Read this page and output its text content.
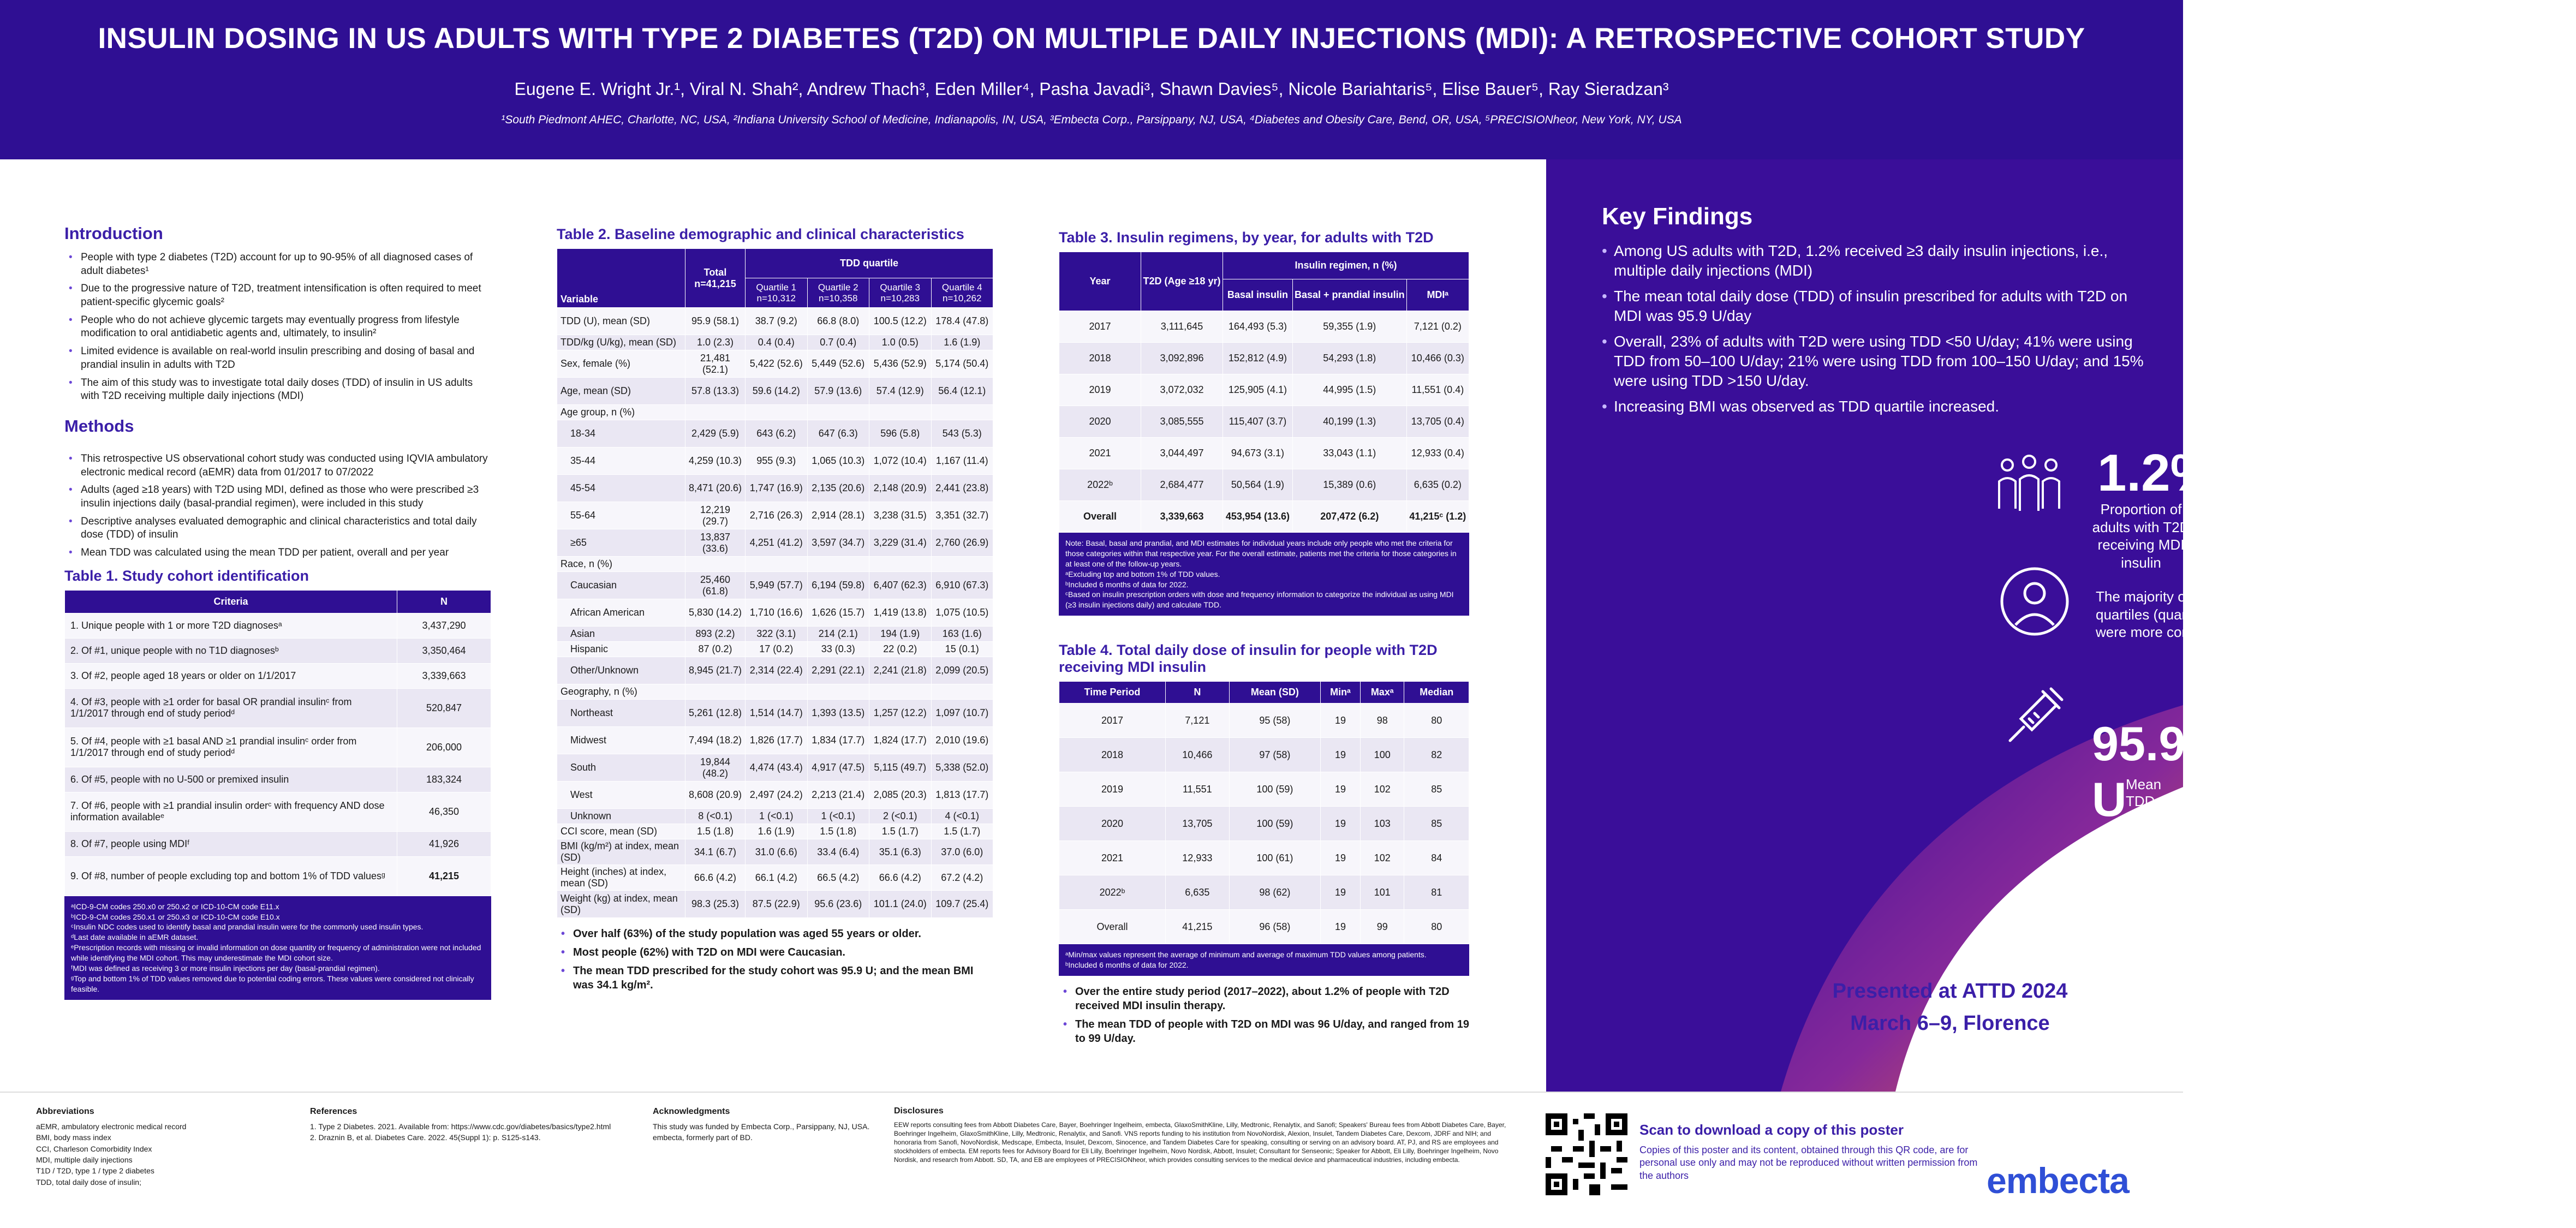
INSULIN DOSING IN US ADULTS WITH TYPE 2 DIABETES (T2D) ON MULTIPLE DAILY INJECTIONS (MDI): A RETROSPECTIVE COHORT STUDY
Eugene E. Wright Jr.¹, Viral N. Shah², Andrew Thach³, Eden Miller⁴, Pasha Javadi³, Shawn Davies⁵, Nicole Bariahtaris⁵, Elise Bauer⁵, Ray Sieradzan³
¹South Piedmont AHEC, Charlotte, NC, USA, ²Indiana University School of Medicine, Indianapolis, IN, USA, ³Embecta Corp., Parsippany, NJ, USA, ⁴Diabetes and Obesity Care, Bend, OR, USA, ⁵PRECISIONheor, New York, NY, USA
Introduction
• People with type 2 diabetes (T2D) account for up to 90-95% of all diagnosed cases of adult diabetes¹
• Due to the progressive nature of T2D, treatment intensification is often required to meet patient-specific glycemic goals²
• People who do not achieve glycemic targets may eventually progress from lifestyle modification to oral antidiabetic agents and, ultimately, to insulin²
• Limited evidence is available on real-world insulin prescribing and dosing of basal and prandial insulin in adults with T2D
• The aim of this study was to investigate total daily doses (TDD) of insulin in US adults with T2D receiving multiple daily injections (MDI)
Methods
• This retrospective US observational cohort study was conducted using IQVIA ambulatory electronic medical record (aEMR) data from 01/2017 to 07/2022
• Adults (aged ≥18 years) with T2D using MDI, defined as those who were prescribed ≥3 insulin injections daily (basal-prandial regimen), were included in this study
• Descriptive analyses evaluated demographic and clinical characteristics and total daily dose (TDD) of insulin
• Mean TDD was calculated using the mean TDD per patient, overall and per year
Table 1. Study cohort identification
Criteria	N
1. Unique people with 1 or more T2D diagnosesᵃ	3,437,290
2. Of #1, unique people with no T1D diagnosesᵇ	3,350,464
3. Of #2, people aged 18 years or older on 1/1/2017	3,339,663
4. Of #3, people with ≥1 order for basal OR prandial insulinᶜ from 1/1/2017 through end of study periodᵈ	520,847
5. Of #4, people with ≥1 basal AND ≥1 prandial insulinᶜ order from 1/1/2017 through end of study periodᵈ	206,000
6. Of #5, people with no U-500 or premixed insulin	183,324
7. Of #6, people with ≥1 prandial insulin orderᶜ with frequency AND dose information availableᵉ	46,350
8. Of #7, people using MDIᶠ	41,926
9. Of #8, number of people excluding top and bottom 1% of TDD valuesᵍ	41,215
ᵃICD-9-CM codes 250.x0 or 250.x2 or ICD-10-CM code E11.x
ᵇICD-9-CM codes 250.x1 or 250.x3 or ICD-10-CM code E10.x
ᶜInsulin NDC codes used to identify basal and prandial insulin were for the commonly used insulin types.
ᵈLast date available in aEMR dataset.
ᵉPrescription records with missing or invalid information on dose quantity or frequency of administration were not included while identifying the MDI cohort. This may underestimate the MDI cohort size.
ᶠMDI was defined as receiving 3 or more insulin injections per day (basal-prandial regimen).
ᵍTop and bottom 1% of TDD values removed due to potential coding errors. These values were considered not clinically feasible.
Table 2. Baseline demographic and clinical characteristics
Variable	Total n=41,215	TDD quartile			
		Quartile 1 n=10,312	Quartile 2 n=10,358	Quartile 3 n=10,283	Quartile 4 n=10,262
TDD (U), mean (SD)	95.9 (58.1)	38.7 (9.2)	66.8 (8.0)	100.5 (12.2)	178.4 (47.8)
TDD/kg (U/kg), mean (SD)	1.0 (2.3)	0.4 (0.4)	0.7 (0.4)	1.0 (0.5)	1.6 (1.9)
Sex, female (%)	21,481 (52.1)	5,422 (52.6)	5,449 (52.6)	5,436 (52.9)	5,174 (50.4)
Age, mean (SD)	57.8 (13.3)	59.6 (14.2)	57.9 (13.6)	57.4 (12.9)	56.4 (12.1)
Age group, n (%)					
18-34	2,429 (5.9)	643 (6.2)	647 (6.3)	596 (5.8)	543 (5.3)
35-44	4,259 (10.3)	955 (9.3)	1,065 (10.3)	1,072 (10.4)	1,167 (11.4)
45-54	8,471 (20.6)	1,747 (16.9)	2,135 (20.6)	2,148 (20.9)	2,441 (23.8)
55-64	12,219 (29.7)	2,716 (26.3)	2,914 (28.1)	3,238 (31.5)	3,351 (32.7)
≥65	13,837 (33.6)	4,251 (41.2)	3,597 (34.7)	3,229 (31.4)	2,760 (26.9)
Race, n (%)					
Caucasian	25,460 (61.8)	5,949 (57.7)	6,194 (59.8)	6,407 (62.3)	6,910 (67.3)
African American	5,830 (14.2)	1,710 (16.6)	1,626 (15.7)	1,419 (13.8)	1,075 (10.5)
Asian	893 (2.2)	322 (3.1)	214 (2.1)	194 (1.9)	163 (1.6)
Hispanic	87 (0.2)	17 (0.2)	33 (0.3)	22 (0.2)	15 (0.1)
Other/Unknown	8,945 (21.7)	2,314 (22.4)	2,291 (22.1)	2,241 (21.8)	2,099 (20.5)
Geography, n (%)					
Northeast	5,261 (12.8)	1,514 (14.7)	1,393 (13.5)	1,257 (12.2)	1,097 (10.7)
Midwest	7,494 (18.2)	1,826 (17.7)	1,834 (17.7)	1,824 (17.7)	2,010 (19.6)
South	19,844 (48.2)	4,474 (43.4)	4,917 (47.5)	5,115 (49.7)	5,338 (52.0)
West	8,608 (20.9)	2,497 (24.2)	2,213 (21.4)	2,085 (20.3)	1,813 (17.7)
Unknown	8 (<0.1)	1 (<0.1)	1 (<0.1)	2 (<0.1)	4 (<0.1)
CCI score, mean (SD)	1.5 (1.8)	1.6 (1.9)	1.5 (1.8)	1.5 (1.7)	1.5 (1.7)
BMI (kg/m²) at index, mean (SD)	34.1 (6.7)	31.0 (6.6)	33.4 (6.4)	35.1 (6.3)	37.0 (6.0)
Height (inches) at index, mean (SD)	66.6 (4.2)	66.1 (4.2)	66.5 (4.2)	66.6 (4.2)	67.2 (4.2)
Weight (kg) at index, mean (SD)	98.3 (25.3)	87.5 (22.9)	95.6 (23.6)	101.1 (24.0)	109.7 (25.4)
• Over half (63%) of the study population was aged 55 years or older.
• Most people (62%) with T2D on MDI were Caucasian.
• The mean TDD prescribed for the study cohort was 95.9 U; and the mean BMI was 34.1 kg/m².
Table 3. Insulin regimens, by year, for adults with T2D
Year	T2D (Age ≥18 yr)	Insulin regimen, n (%)		
		Basal insulin	Basal + prandial insulin	MDIᵃ
2017	3,111,645	164,493 (5.3)	59,355 (1.9)	7,121 (0.2)
2018	3,092,896	152,812 (4.9)	54,293 (1.8)	10,466 (0.3)
2019	3,072,032	125,905 (4.1)	44,995 (1.5)	11,551 (0.4)
2020	3,085,555	115,407 (3.7)	40,199 (1.3)	13,705 (0.4)
2021	3,044,497	94,673 (3.1)	33,043 (1.1)	12,933 (0.4)
2022ᵇ	2,684,477	50,564 (1.9)	15,389 (0.6)	6,635 (0.2)
Overall	3,339,663	453,954 (13.6)	207,472 (6.2)	41,215ᶜ (1.2)
Note: Basal, basal and prandial, and MDI estimates for individual years include only people who met the criteria for those categories within that respective year. For the overall estimate, patients met the criteria for those categories in at least one of the follow-up years.
ᵃExcluding top and bottom 1% of TDD values.
ᵇIncluded 6 months of data for 2022.
ᶜBased on insulin prescription orders with dose and frequency information to categorize the individual as using MDI (≥3 insulin injections daily) and calculate TDD.
Table 4. Total daily dose of insulin for people with T2D receiving MDI insulin
Time Period	N	Mean (SD)	Minᵃ	Maxᵃ	Median
2017	7,121	95 (58)	19	98	80
2018	10,466	97 (58)	19	100	82
2019	11,551	100 (59)	19	102	85
2020	13,705	100 (59)	19	103	85
2021	12,933	100 (61)	19	102	84
2022ᵇ	6,635	98 (62)	19	101	81
Overall	41,215	96 (58)	19	99	80
ᵃMin/max values represent the average of minimum and average of maximum TDD values among patients.
ᵇIncluded 6 months of data for 2022.
• Over the entire study period (2017–2022), about 1.2% of people with T2D received MDI insulin therapy.
• The mean TDD of people with T2D on MDI was 96 U/day, and ranged from 19 to 99 U/day.
Key Findings
• Among US adults with T2D, 1.2% received ≥3 daily insulin injections, i.e., multiple daily injections (MDI)
• The mean total daily dose (TDD) of insulin prescribed for adults with T2D on MDI was 95.9 U/day
• Overall, 23% of adults with T2D were using TDD <50 U/day; 41% were using TDD from 50–100 U/day; 21% were using TDD from 100–150 U/day; and 15% were using TDD >150 U/day.
• Increasing BMI was observed as TDD quartile increased.
1.2%
Proportion of adults with T2D receiving MDI insulin
The majority of African American and Asian individuals were in lower TDD quartiles (quartiles 1 and 2), compared with Caucasian individuals, who were more concentrated in higher TDD quartiles (quartiles 3 and 4)
95.9 U
Mean TDD
Mean (SD) TDD was 95.9 (±58.1) U and ranged from 94.6 to 100.0 U across individual years
Presented at ATTD 2024
March 6–9, Florence
Abbreviations
aEMR, ambulatory electronic medical record
BMI, body mass index
CCI, Charleson Comorbidity Index
MDI, multiple daily injections
T1D / T2D, type 1 / type 2 diabetes
TDD, total daily dose of insulin;
References
1. Type 2 Diabetes. 2021. Available from: https://www.cdc.gov/diabetes/basics/type2.html
2. Draznin B, et al. Diabetes Care. 2022. 45(Suppl 1): p. S125-s143.
Acknowledgments
This study was funded by Embecta Corp., Parsippany, NJ, USA. embecta, formerly part of BD.
Disclosures
EEW reports consulting fees from Abbott Diabetes Care, Bayer, Boehringer Ingelheim, embecta, GlaxoSmithKline, Lilly, Medtronic, Renalytix, and Sanofi; Speakers' Bureau fees from Abbott Diabetes Care, Bayer, Boehringer Ingelheim, GlaxoSmithKline, Lilly, Medtronic, Renalytix, and Sanofi. VNS reports funding to his institution from NovoNordisk, Alexion, Insulet, Tandem Diabetes Care, Dexcom, JDRF and NIH; and honoraria from Sanofi, NovoNordisk, Medscape, Embecta, Insulet, Dexcom, Sinocence, and Tandem Diabetes Care for speaking, consulting or serving on an advisory board. AT, PJ, and RS are employees and stockholders of embecta. EM reports fees for Advisory Board for Eli Lilly, Boehringer Ingelheim, Novo Nordisk, Abbott, Insulet; Consultant for Senseonic; Speaker for Abbott, Eli Lilly, Boehringer Ingelheim, Novo Nordisk, and research from Abbott. SD, TA, and EB are employees of PRECISIONheor, which provides consulting services to the medical device and pharmaceutical industries, including embecta.
Scan to download a copy of this poster
Copies of this poster and its content, obtained through this QR code, are for personal use only and may not be reproduced without written permission from the authors	embecta
